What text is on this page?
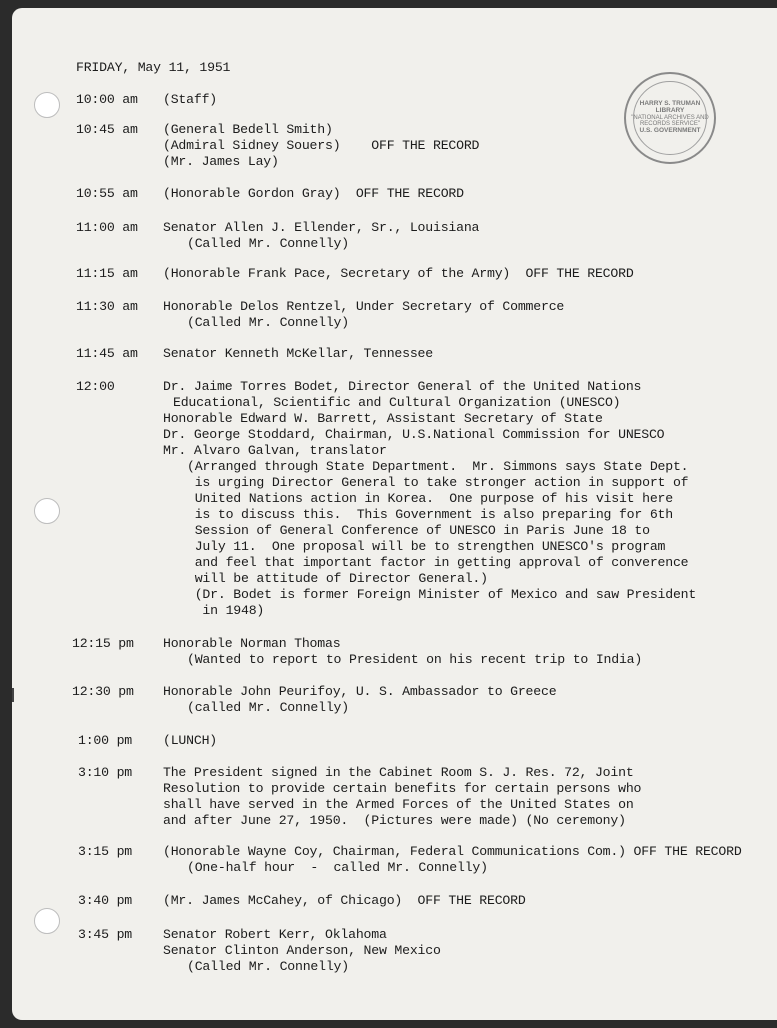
HARRY S. TRUMAN LIBRARY
"NATIONAL ARCHIVES AND RECORDS SERVICE"
U.S. GOVERNMENT
FRIDAY, May 11, 1951
10:00 am (Staff)
10:45 am (General Bedell Smith)
(Admiral Sidney Souers)    OFF THE RECORD
(Mr. James Lay)
10:55 am (Honorable Gordon Gray)  OFF THE RECORD
11:00 am Senator Allen J. Ellender, Sr., Louisiana
(Called Mr. Connelly)
11:15 am (Honorable Frank Pace, Secretary of the Army)  OFF THE RECORD
11:30 am Honorable Delos Rentzel, Under Secretary of Commerce
(Called Mr. Connelly)
11:45 am Senator Kenneth McKellar, Tennessee
12:00	Dr. Jaime Torres Bodet, Director General of the United Nations
Educational, Scientific and Cultural Organization (UNESCO)
Honorable Edward W. Barrett, Assistant Secretary of State
Dr. George Stoddard, Chairman, U.S.National Commission for UNESCO
Mr. Alvaro Galvan, translator
(Arranged through State Department.  Mr. Simmons says State Dept.
is urging Director General to take stronger action in support of
United Nations action in Korea.  One purpose of his visit here
is to discuss this.  This Government is also preparing for 6th
Session of General Conference of UNESCO in Paris June 18 to
July 11.  One proposal will be to strengthen UNESCO's program
and feel that important factor in getting approval of converence
will be attitude of Director General.)
(Dr. Bodet is former Foreign Minister of Mexico and saw President
in 1948)
12:15 pm Honorable Norman Thomas
(Wanted to report to President on his recent trip to India)
12:30 pm Honorable John Peurifoy, U. S. Ambassador to Greece
(called Mr. Connelly)
1:00 pm (LUNCH)
3:10 pm The President signed in the Cabinet Room S. J. Res. 72, Joint
Resolution to provide certain benefits for certain persons who
shall have served in the Armed Forces of the United States on
and after June 27, 1950.  (Pictures were made) (No ceremony)
3:15 pm (Honorable Wayne Coy, Chairman, Federal Communications Com.) OFF THE RECORD
(One-half hour  -  called Mr. Connelly)
3:40 pm (Mr. James McCahey, of Chicago)  OFF THE RECORD
3:45 pm Senator Robert Kerr, Oklahoma
Senator Clinton Anderson, New Mexico
(Called Mr. Connelly)
